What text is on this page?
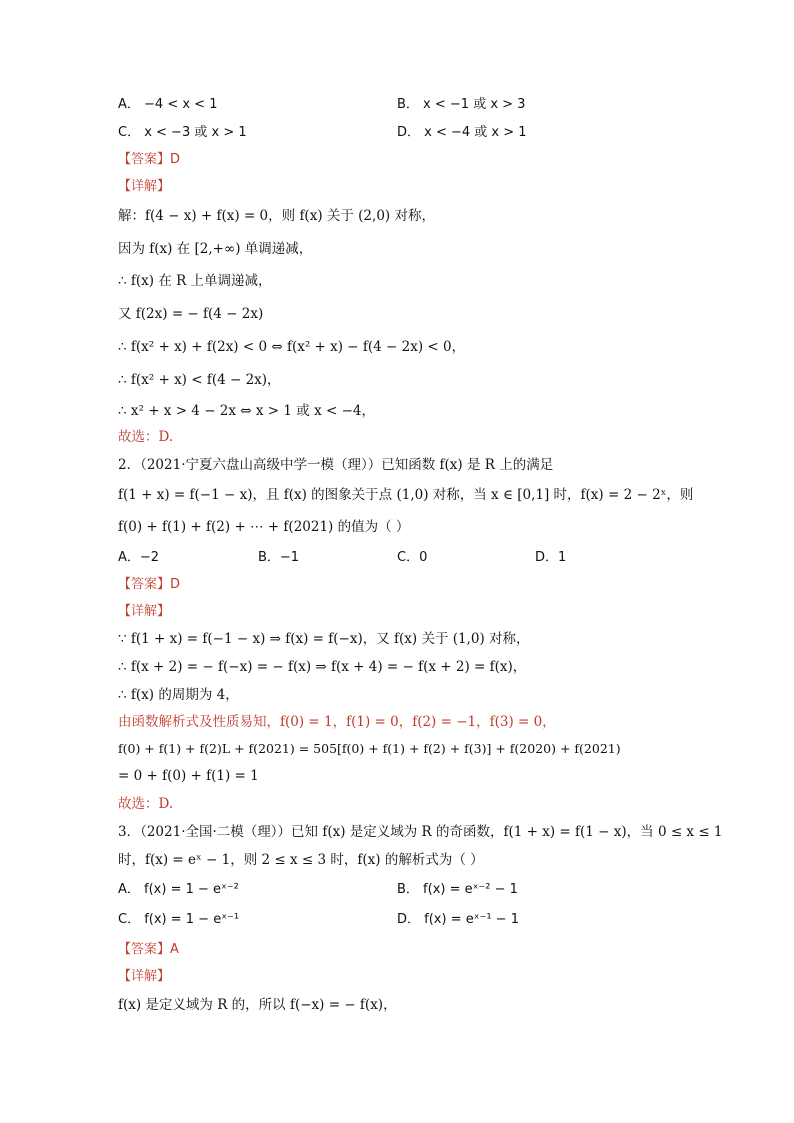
A． −4 < x < 1	B． x < −1 或 x > 3
C． x < −3 或 x > 1	D． x < −4 或 x > 1
【答案】D
【详解】
解：f(4 − x) + f(x) = 0，则 f(x) 关于 (2,0) 对称，
因为 f(x) 在 [2,+∞) 单调递减，
∴ f(x) 在 R 上单调递减，
又 f(2x) = − f(4 − 2x)
∴ f(x² + x) + f(2x) < 0 ⇔ f(x² + x) − f(4 − 2x) < 0，
∴ f(x² + x) < f(4 − 2x)，
∴ x² + x > 4 − 2x ⇔ x > 1 或 x < −4，
故选：D.
2．（2021·宁夏六盘山高级中学一模（理））已知函数 f(x) 是 R 上的满足
f(1 + x) = f(−1 − x)，且 f(x) 的图象关于点 (1,0) 对称，当 x ∈ [0,1] 时，f(x) = 2 − 2ˣ，则
f(0) + f(1) + f(2) + ⋯ + f(2021) 的值为（ ）
A．−2	B．−1	C．0	D．1
【答案】D
【详解】
∵ f(1 + x) = f(−1 − x) ⇒ f(x) = f(−x)，又 f(x) 关于 (1,0) 对称，
∴ f(x + 2) = − f(−x) = − f(x) ⇒ f(x + 4) = − f(x + 2) = f(x)，
∴ f(x) 的周期为 4，
由函数解析式及性质易知，f(0) = 1，f(1) = 0，f(2) = −1，f(3) = 0，
f(0) + f(1) + f(2)L + f(2021) = 505[f(0) + f(1) + f(2) + f(3)] + f(2020) + f(2021)
= 0 + f(0) + f(1) = 1
故选：D.
3．（2021·全国·二模（理））已知 f(x) 是定义域为 R 的奇函数，f(1 + x) = f(1 − x)，当 0 ≤ x ≤ 1
时，f(x) = eˣ − 1，则 2 ≤ x ≤ 3 时，f(x) 的解析式为（ ）
A． f(x) = 1 − eˣ⁻²	B． f(x) = eˣ⁻² − 1
C． f(x) = 1 − eˣ⁻¹	D． f(x) = eˣ⁻¹ − 1
【答案】A
【详解】
f(x) 是定义域为 R 的，所以 f(−x) = − f(x)，
